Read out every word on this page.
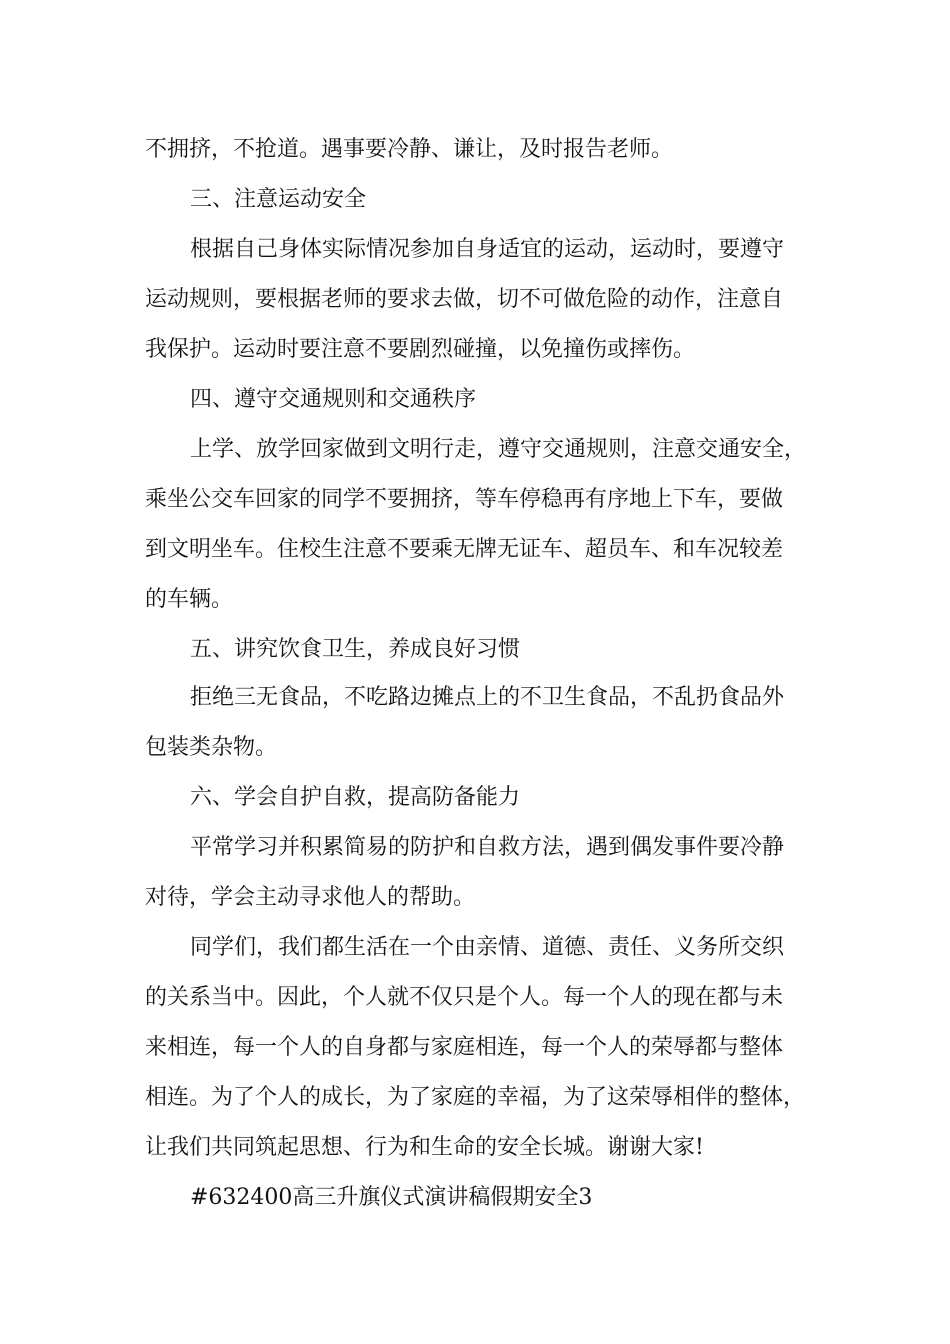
不拥挤，不抢道。遇事要冷静、谦让，及时报告老师。
三、注意运动安全
根据自己身体实际情况参加自身适宜的运动，运动时，要遵守
运动规则，要根据老师的要求去做，切不可做危险的动作，注意自
我保护。运动时要注意不要剧烈碰撞，以免撞伤或摔伤。
四、遵守交通规则和交通秩序
上学、放学回家做到文明行走，遵守交通规则，注意交通安全，
乘坐公交车回家的同学不要拥挤，等车停稳再有序地上下车，要做
到文明坐车。住校生注意不要乘无牌无证车、超员车、和车况较差
的车辆。
五、讲究饮食卫生，养成良好习惯
拒绝三无食品，不吃路边摊点上的不卫生食品，不乱扔食品外
包装类杂物。
六、学会自护自救，提高防备能力
平常学习并积累简易的防护和自救方法，遇到偶发事件要冷静
对待，学会主动寻求他人的帮助。
同学们，我们都生活在一个由亲情、道德、责任、义务所交织
的关系当中。因此，个人就不仅只是个人。每一个人的现在都与未
来相连，每一个人的自身都与家庭相连，每一个人的荣辱都与整体
相连。为了个人的成长，为了家庭的幸福，为了这荣辱相伴的整体，
让我们共同筑起思想、行为和生命的安全长城。谢谢大家!
#632400高三升旗仪式演讲稿假期安全3
